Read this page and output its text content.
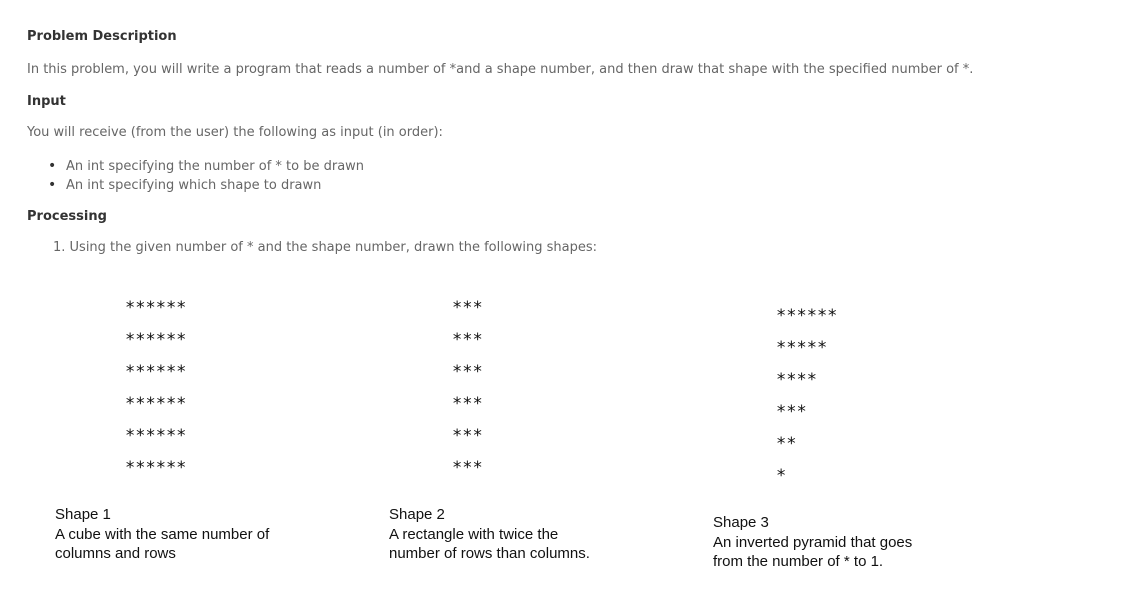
Problem Description
In this problem, you will write a program that reads a number of *and a shape number, and then draw that shape with the specified number of *.
Input
You will receive (from the user) the following as input (in order):
• An int specifying the number of * to be drawn
• An int specifying which shape to drawn
Processing
1. Using the given number of * and the shape number, drawn the following shapes:
******
******
******
******
******
******
***
***
***
***
***
***
******
*****
****
***
**
*
Shape 1
A cube with the same number of
columns and rows
Shape 2
A rectangle with twice the
number of rows than columns.
Shape 3
An inverted pyramid that goes
from the number of * to 1.
